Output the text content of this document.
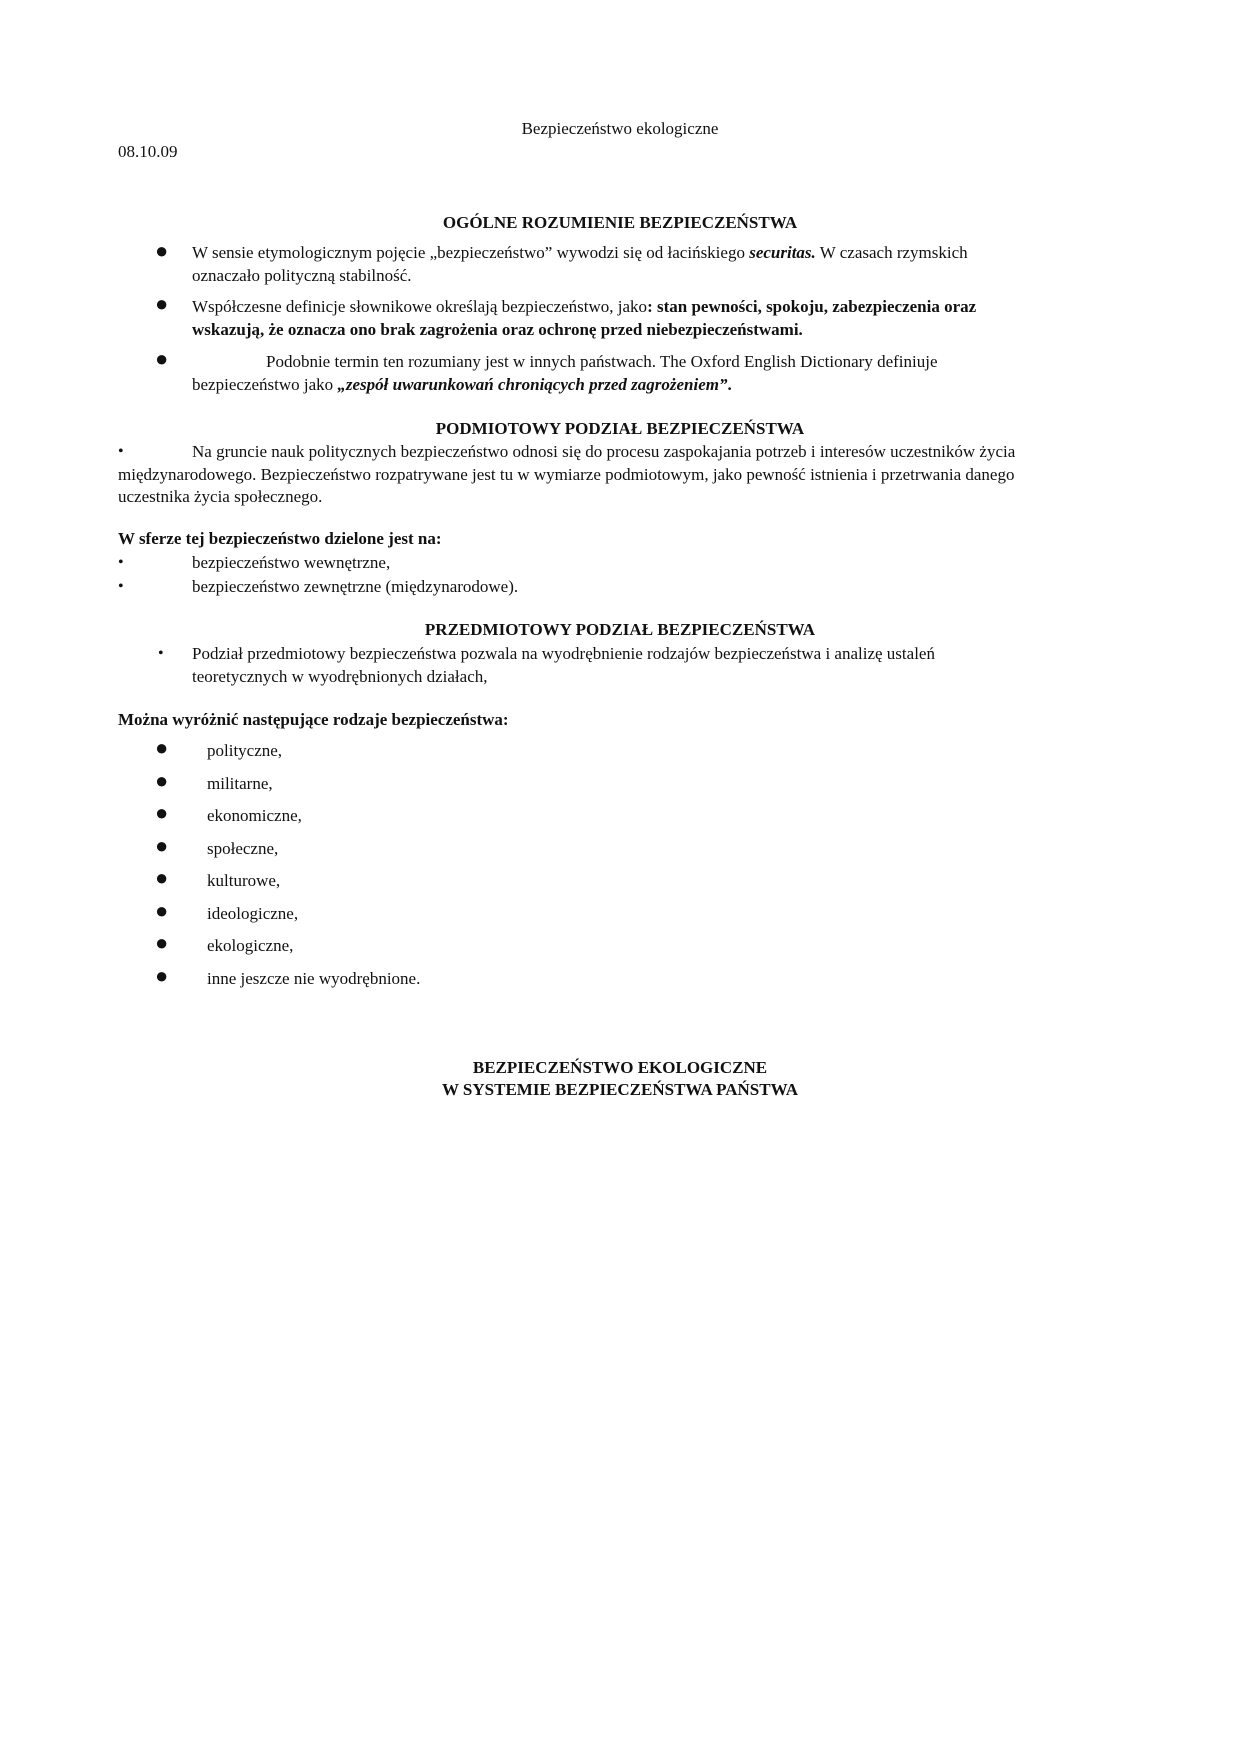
Bezpieczeństwo ekologiczne
08.10.09
OGÓLNE ROZUMIENIE BEZPIECZEŃSTWA
● W sensie etymologicznym pojęcie „bezpieczeństwo” wywodzi się od łacińskiego securitas. W czasach rzymskich
oznaczało polityczną stabilność.
● Współczesne definicje słownikowe określają bezpieczeństwo, jako: stan pewności, spokoju, zabezpieczenia oraz
wskazują, że oznacza ono brak zagrożenia oraz ochronę przed niebezpieczeństwami.
●	Podobnie termin ten rozumiany jest w innych państwach. The Oxford English Dictionary definiuje
bezpieczeństwo jako „zespół uwarunkowań chroniących przed zagrożeniem”.
PODMIOTOWY PODZIAŁ BEZPIECZEŃSTWA
•	Na gruncie nauk politycznych bezpieczeństwo odnosi się do procesu zaspokajania potrzeb i interesów uczestników życia
międzynarodowego. Bezpieczeństwo rozpatrywane jest tu w wymiarze podmiotowym, jako pewność istnienia i przetrwania danego
uczestnika życia społecznego.
W sferze tej bezpieczeństwo dzielone jest na:
•	bezpieczeństwo wewnętrzne,
•	bezpieczeństwo zewnętrzne (międzynarodowe).
PRZEDMIOTOWY PODZIAŁ BEZPIECZEŃSTWA
• Podział przedmiotowy bezpieczeństwa pozwala na wyodrębnienie rodzajów bezpieczeństwa i analizę ustaleń
teoretycznych w wyodrębnionych działach,
Można wyróżnić następujące rodzaje bezpieczeństwa:
● polityczne,
● militarne,
● ekonomiczne,
● społeczne,
● kulturowe,
● ideologiczne,
● ekologiczne,
● inne jeszcze nie wyodrębnione.
BEZPIECZEŃSTWO EKOLOGICZNE
W SYSTEMIE BEZPIECZEŃSTWA PAŃSTWA
